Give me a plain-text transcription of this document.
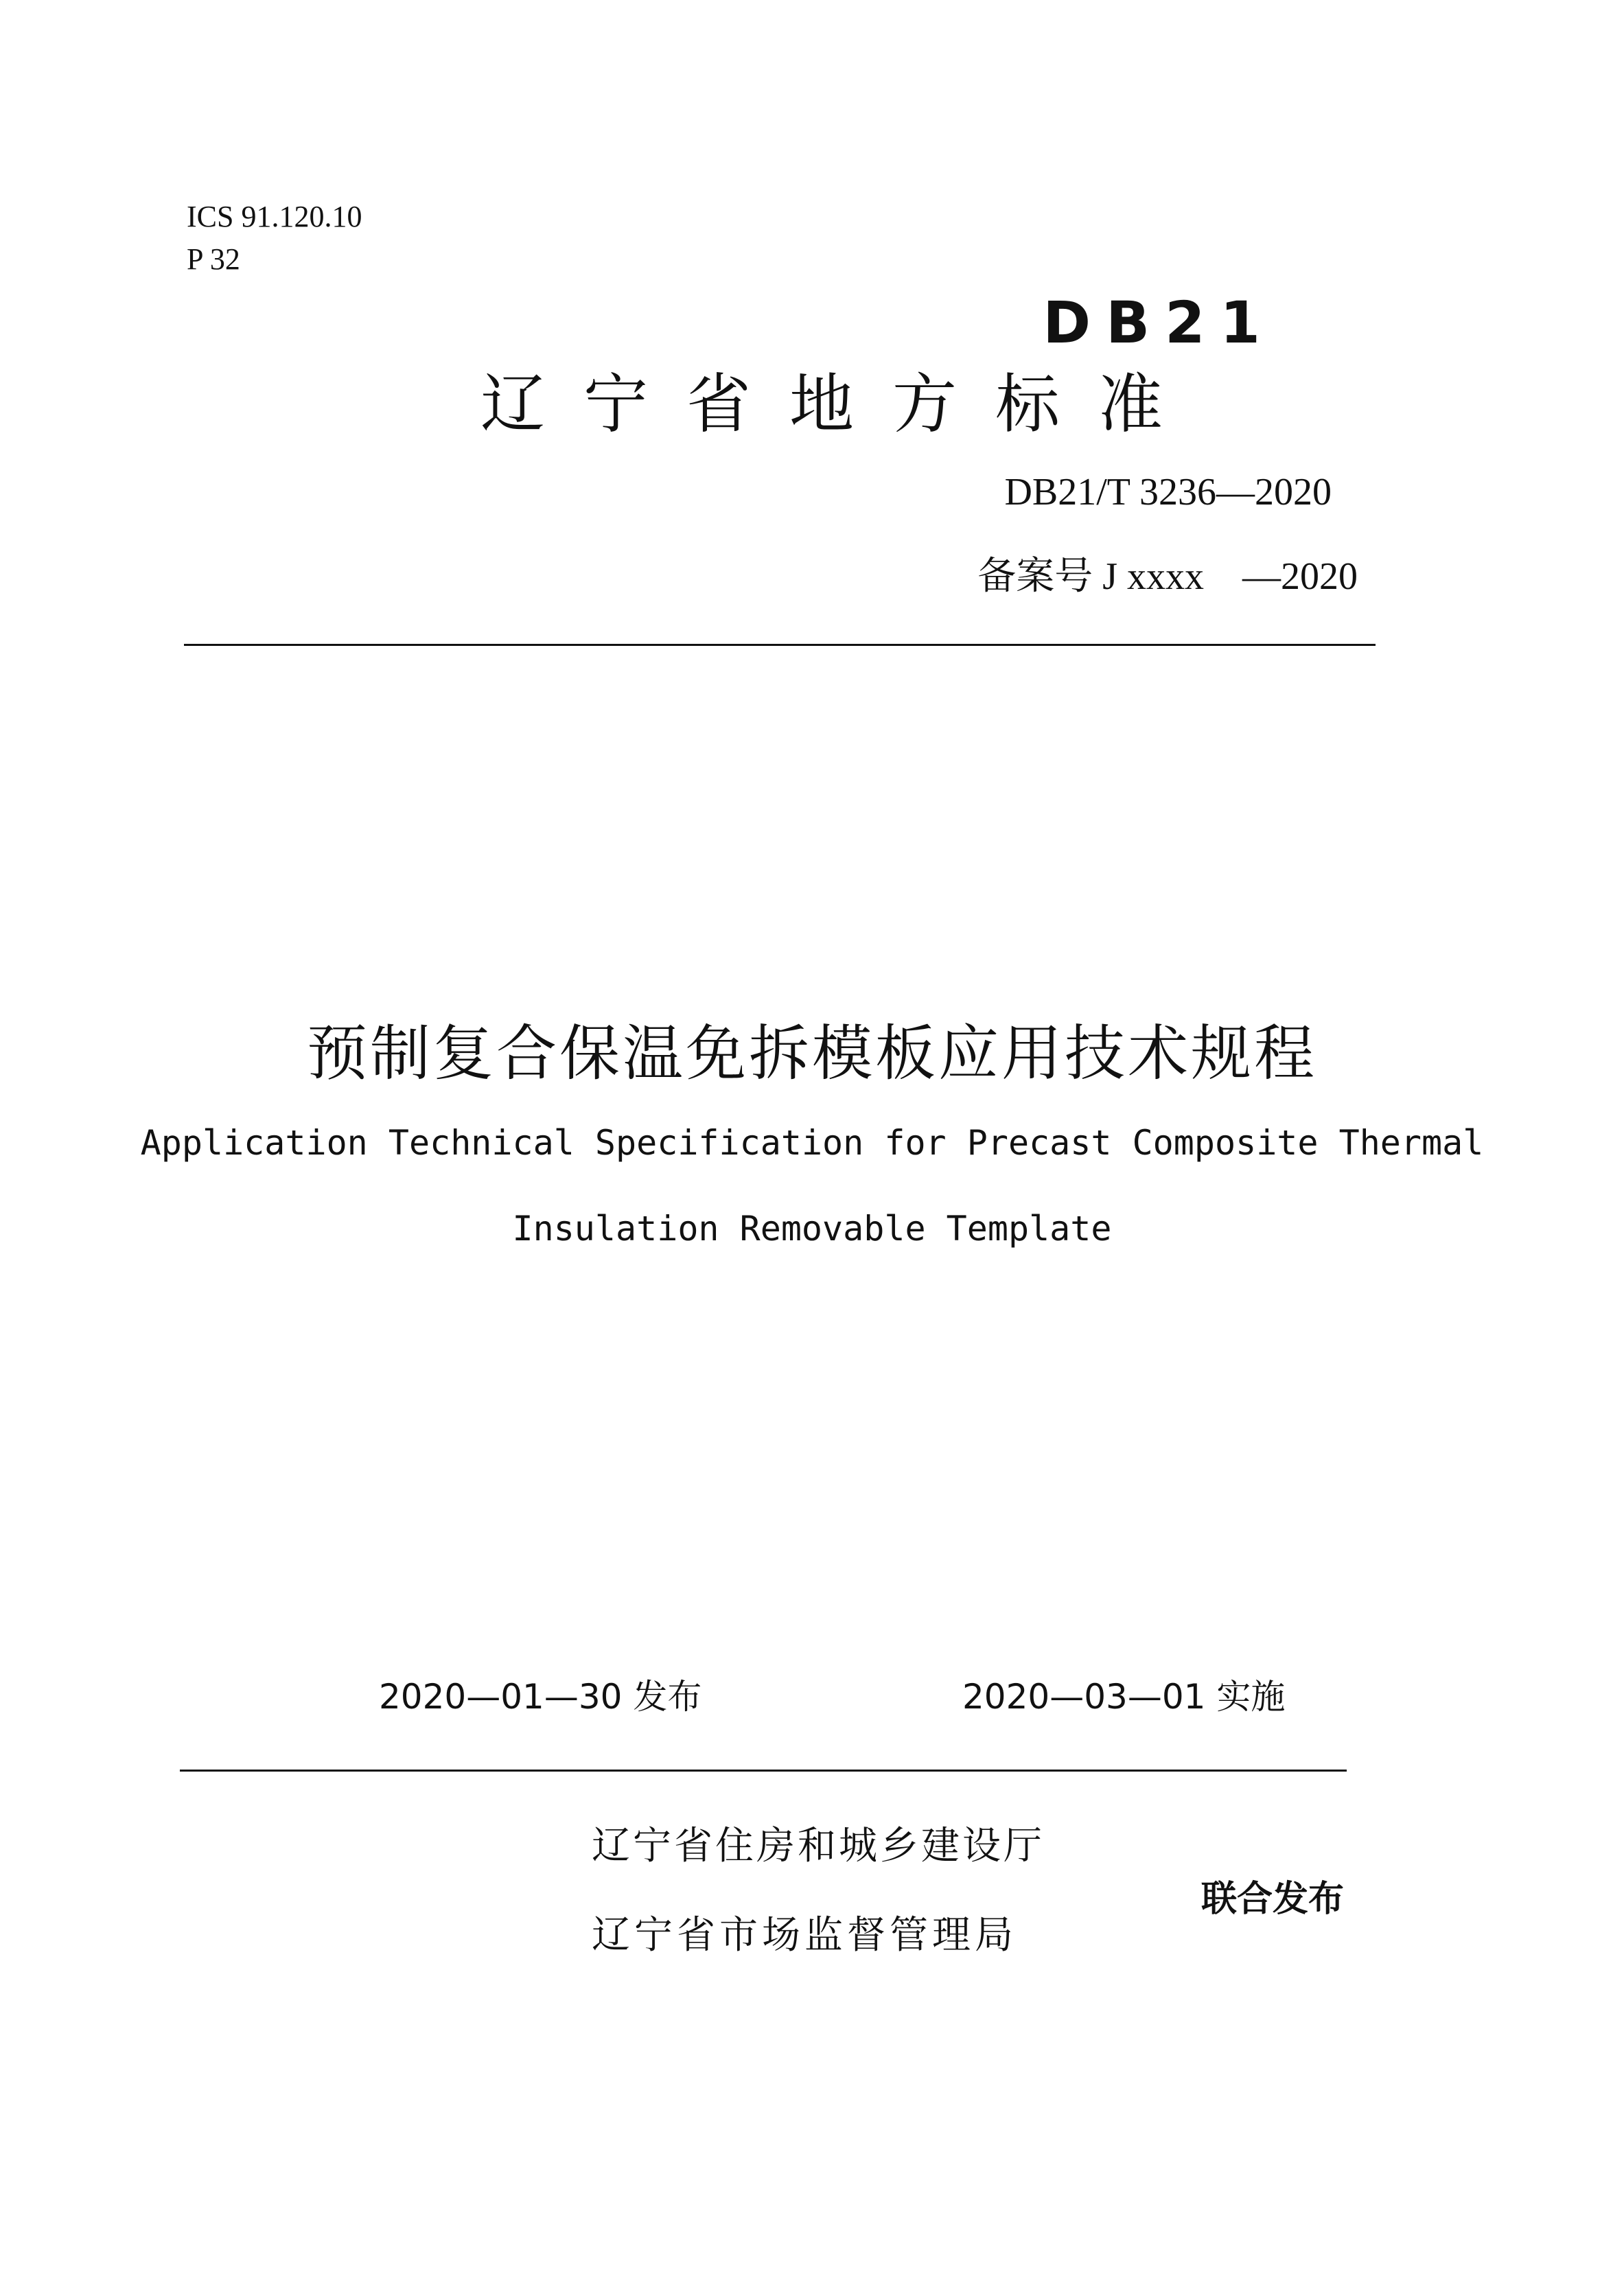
ICS 91.120.10
P 32
DB21
辽宁省地方标准
DB21/T 3236—2020
备案号 J xxxx　—2020
预制复合保温免拆模板应用技术规程
Application Technical Specification for Precast Composite Thermal
Insulation Removable Template
2020—01—30 发布	2020—03—01 实施
辽宁省住房和城乡建设厅
辽宁省市场监督管理局
联合发布
